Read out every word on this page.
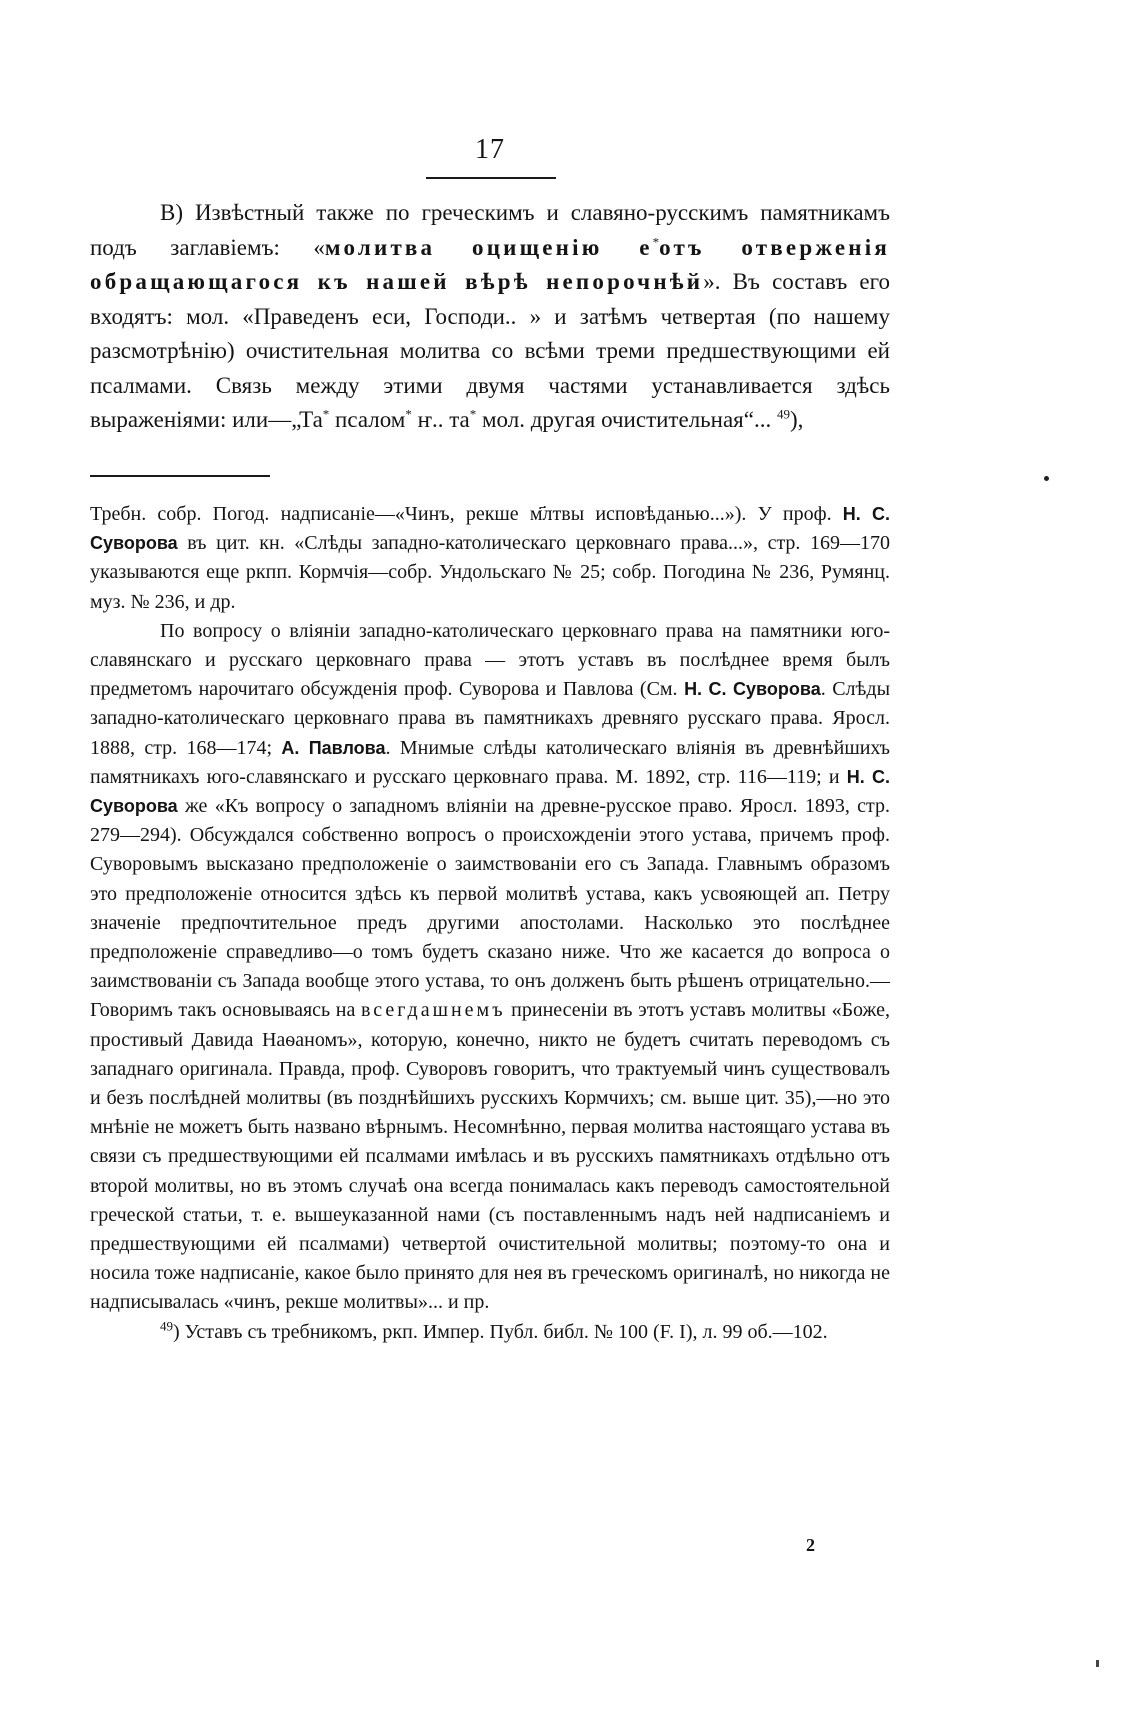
17

В) Извѣстный также по греческимъ и славяно-русскимъ памятникамъ подъ заглавіемъ: «молитва оцищенію е*отъ отверженія обращающагося къ нашей вѣрѣ непорочнѣй». Въ составъ его входятъ: мол. «Праведенъ еси, Господи.. » и затѣмъ четвертая (по нашему разсмотрѣнію) очистительная молитва со всѣми треми предшествующими ей псалмами. Связь между этими двумя частями устанавливается здѣсь выраженіями: или—„Та* псалом* ҥ.. та* мол. другая очистительная“... $^{49}$),

Требн. собр. Погод. надписаніе—«Чинъ, рекше м҃лтвы исповѣданью...»). У проф. Н. С. Суворова въ цит. кн. «Слѣды западно-католическаго церковнаго права...», стр. 169—170 указываются еще ркпп. Кормчія—собр. Ундольскаго № 25; собр. Погодина № 236, Румянц. муз. № 236, и др.

По вопросу о вліяніи западно-католическаго церковнаго права на памятники юго-славянскаго и русскаго церковнаго права — этотъ уставъ въ послѣднее время былъ предметомъ нарочитаго обсужденія проф. Суворова и Павлова (См. Н. С. Суворова. Слѣды западно-католическаго церковнаго права въ памятникахъ древняго русскаго права. Яросл. 1888, стр. 168—174; А. Павлова. Мнимые слѣды католическаго вліянія въ древнѣйшихъ памятникахъ юго-славянскаго и русскаго церковнаго права. М. 1892, стр. 116—119; и Н. С. Суворова же «Къ вопросу о западномъ вліяніи на древне-русское право. Яросл. 1893, стр. 279—294). Обсуждался собственно вопросъ о происхожденіи этого устава, причемъ проф. Суворовымъ высказано предположеніе о заимствованіи его съ Запада. Главнымъ образомъ это предположеніе относится здѣсь къ первой молитвѣ устава, какъ усвояющей ап. Петру значеніе предпочтительное предъ другими апостолами. Насколько это послѣднее предположеніе справедливо—о томъ будетъ сказано ниже. Что же касается до вопроса о заимствованіи съ Запада вообще этого устава, то онъ долженъ быть рѣшенъ отрицательно.—Говоримъ такъ основываясь на всегдашнемъ принесеніи въ этотъ уставъ молитвы «Боже, простивый Давида Наѳаномъ», которую, конечно, никто не будетъ считать переводомъ съ западнаго оригинала. Правда, проф. Суворовъ говоритъ, что трактуемый чинъ существовалъ и безъ послѣдней молитвы (въ позднѣйшихъ русскихъ Кормчихъ; см. выше цит. 35),—но это мнѣніе не можетъ быть названо вѣрнымъ. Несомнѣнно, первая молитва настоящаго устава въ связи съ предшествующими ей псалмами имѣлась и въ русскихъ памятникахъ отдѣльно отъ второй молитвы, но въ этомъ случаѣ она всегда понималась какъ переводъ самостоятельной греческой статьи, т. е. вышеуказанной нами (съ поставленнымъ надъ ней надписаніемъ и предшествующими ей псалмами) четвертой очистительной молитвы; поэтому-то она и носила тоже надписаніе, какое было принято для нея въ греческомъ оригиналѣ, но никогда не надписывалась «чинъ, рекше молитвы»... и пр.

$^{49}$) Уставъ съ требникомъ, ркп. Импер. Публ. библ. № 100 (F. I), л. 99 об.—102.

2
